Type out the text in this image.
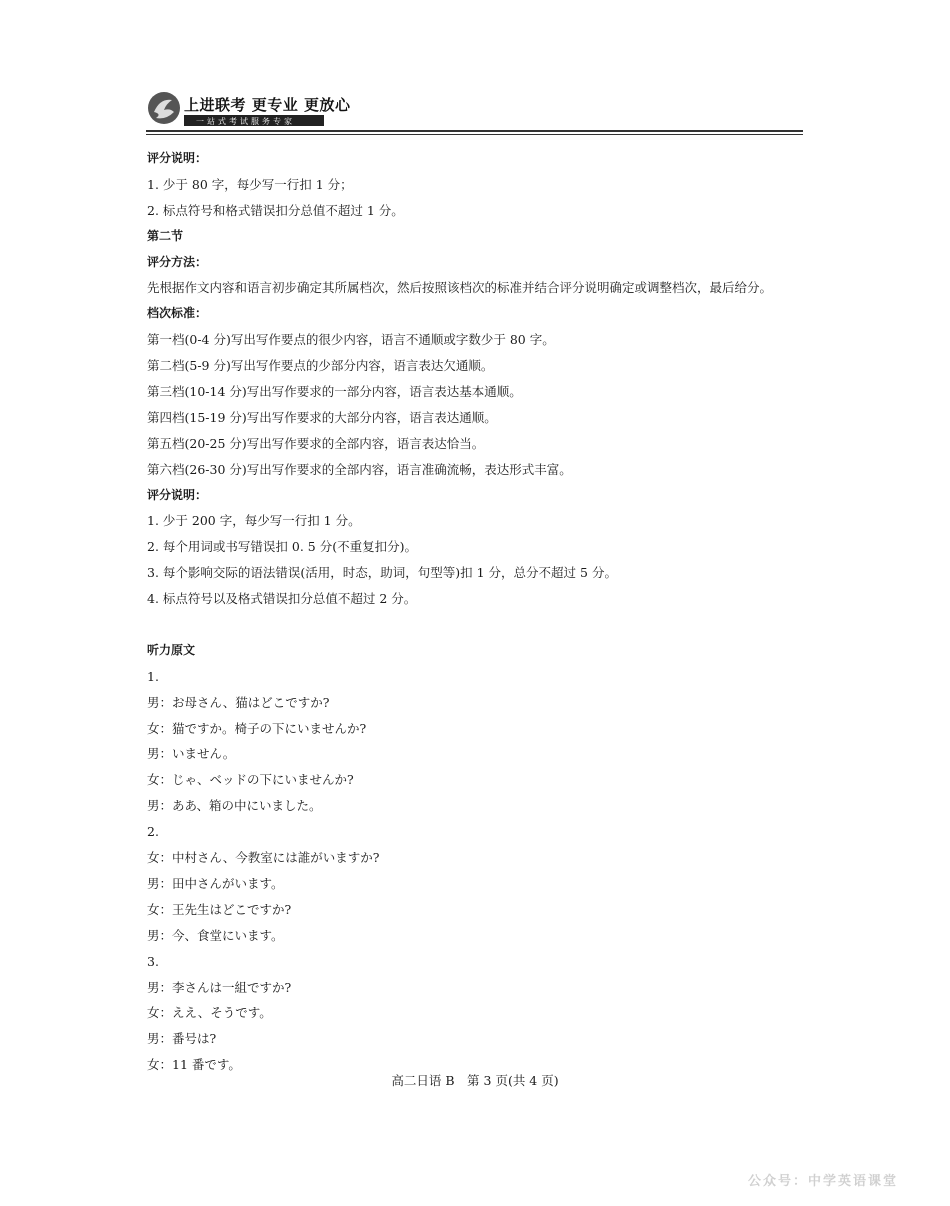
上进联考 更专业 更放心
一站式考试服务专家
评分说明：
1. 少于 80 字，每少写一行扣 1 分；
2. 标点符号和格式错误扣分总值不超过 1 分。
第二节
评分方法：
先根据作文内容和语言初步确定其所属档次，然后按照该档次的标准并结合评分说明确定或调整档次，最后给分。
档次标准：
第一档(0-4 分)写出写作要点的很少内容，语言不通顺或字数少于 80 字。
第二档(5-9 分)写出写作要点的少部分内容，语言表达欠通顺。
第三档(10-14 分)写出写作要求的一部分内容，语言表达基本通顺。
第四档(15-19 分)写出写作要求的大部分内容，语言表达通顺。
第五档(20-25 分)写出写作要求的全部内容，语言表达恰当。
第六档(26-30 分)写出写作要求的全部内容，语言准确流畅，表达形式丰富。
评分说明：
1. 少于 200 字，每少写一行扣 1 分。
2. 每个用词或书写错误扣 0. 5 分(不重复扣分)。
3. 每个影响交际的语法错误(活用，时态，助词，句型等)扣 1 分，总分不超过 5 分。
4. 标点符号以及格式错误扣分总值不超过 2 分。
听力原文
1.
男：お母さん、猫はどこですか?
女：猫ですか。椅子の下にいませんか?
男：いません。
女：じゃ、ベッドの下にいませんか?
男：ああ、箱の中にいました。
2.
女：中村さん、今教室には誰がいますか?
男：田中さんがいます。
女：王先生はどこですか?
男：今、食堂にいます。
3.
男：李さんは一組ですか?
女：ええ、そうです。
男：番号は?
女：11 番です。
高二日语 B　第 3 页(共 4 页)
公众号：中学英语课堂
